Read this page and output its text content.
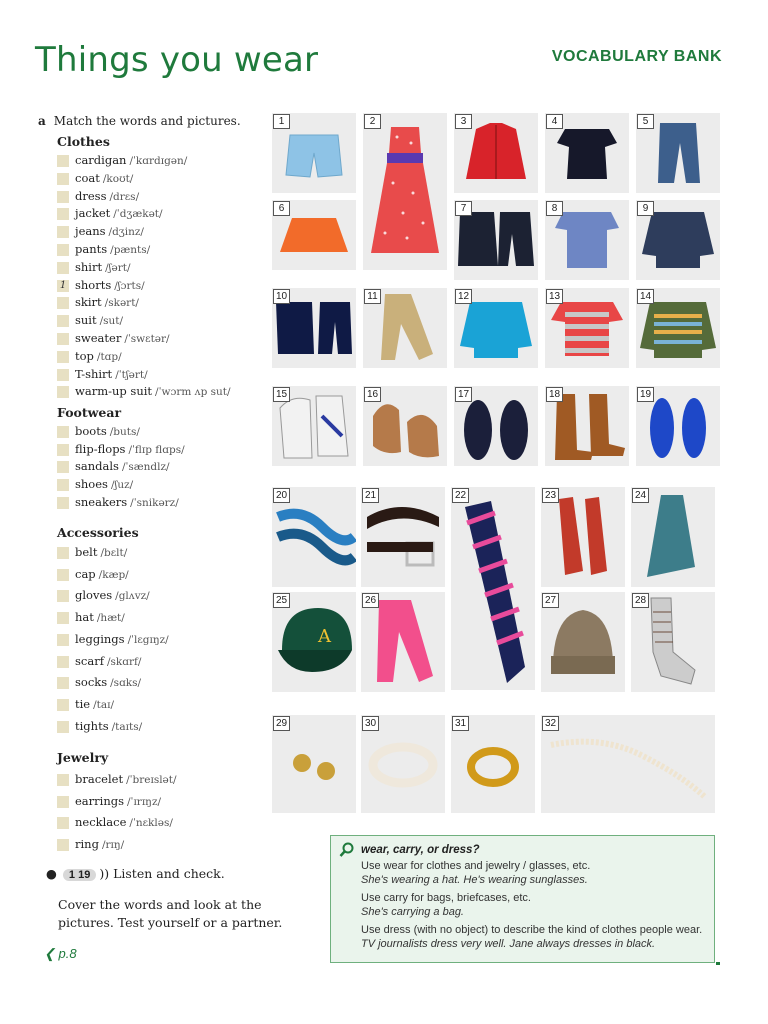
Things you wear	VOCABULARY BANK
a Match the words and pictures.
Clothes
cardigan /ˈkɑrdɪgən/
coat /koʊt/
dress /drɛs/
jacket /ˈdʒækət/
jeans /dʒinz/
pants /pænts/
shirt /ʃərt/
1 shorts /ʃɔrts/
skirt /skərt/
suit /sut/
sweater /ˈswɛtər/
top /tɑp/
T-shirt /ˈtʃərt/
warm-up suit /ˈwɔrm ʌp sut/
Footwear
boots /buts/
flip-flops /ˈflɪp flɑps/
sandals /ˈsændlz/
shoes /ʃuz/
sneakers /ˈsnikərz/
Accessories
belt /bɛlt/
cap /kæp/
gloves /glʌvz/
hat /hæt/
leggings /ˈlɛgɪŋz/
scarf /skɑrf/
socks /sɑks/
tie /taɪ/
tights /taɪts/
Jewelry
bracelet /ˈbreɪslət/
earrings /ˈɪrɪŋz/
necklace /ˈnɛkləs/
ring /rɪŋ/
● 1 19 )) Listen and check.
Cover the words and look at the pictures. Test yourself or a partner.
❮ p.8
1	2	3	4	5
6	7	8	9
10	11	12	13	14
15	16	17	18	19
20	21	22	23	24
A
25	26	27	28
29	30	31	32
wear, carry, or dress?
Use wear for clothes and jewelry / glasses, etc.
She's wearing a hat. He's wearing sunglasses.
Use carry for bags, briefcases, etc.
She's carrying a bag.
Use dress (with no object) to describe the kind of clothes people wear.
TV journalists dress very well. Jane always dresses in black.
